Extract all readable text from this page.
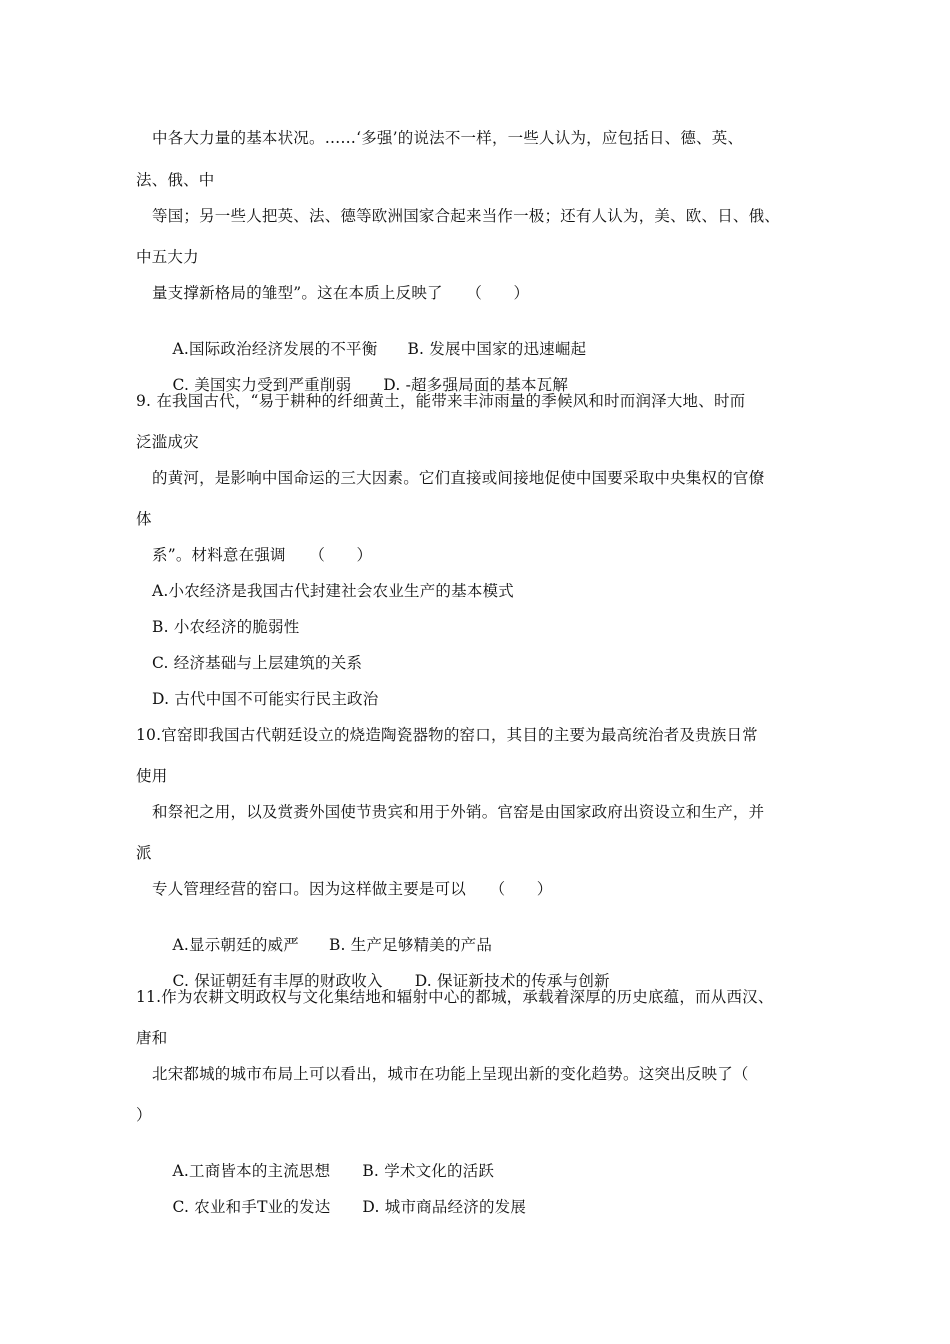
中各大力量的基本状况。……‘多强’的说法不一样，一些人认为，应包括日、德、英、
法、俄、中
等国；另一些人把英、法、德等欧洲国家合起来当作一极；还有人认为，美、欧、日、俄、
中五大力
量支撑新格局的雏型”。这在本质上反映了　　（　　）

A.国际政治经济发展的不平衡 B. 发展中国家的迅速崛起

C. 美国实力受到严重削弱 D. -超多强局面的基本瓦解

9. 在我国古代，“易于耕种的纤细黄土，能带来丰沛雨量的季候风和时而润泽大地、时而
泛滥成灾
的黄河，是影响中国命运的三大因素。它们直接或间接地促使中国要采取中央集权的官僚
体
系”。材料意在强调　　（　　）
A.小农经济是我国古代封建社会农业生产的基本模式
B. 小农经济的脆弱性
C. 经济基础与上层建筑的关系
D. 古代中国不可能实行民主政治
10.官窑即我国古代朝廷设立的烧造陶瓷器物的窑口，其目的主要为最高统治者及贵族日常
使用
和祭祀之用，以及赏赉外国使节贵宾和用于外销。官窑是由国家政府出资设立和生产，并
派
专人管理经营的窑口。因为这样做主要是可以　　（　　）

A.显示朝廷的威严 B. 生产足够精美的产品

C. 保证朝廷有丰厚的财政收入 D. 保证新技术的传承与创新

11.作为农耕文明政权与文化集结地和辐射中心的都城，承载着深厚的历史底蕴，而从西汉、
唐和
北宋都城的城市布局上可以看出，城市在功能上呈现出新的变化趋势。这突出反映了（
）

A.工商皆本的主流思想 B. 学术文化的活跃

C. 农业和手T业的发达 D. 城市商品经济的发展
